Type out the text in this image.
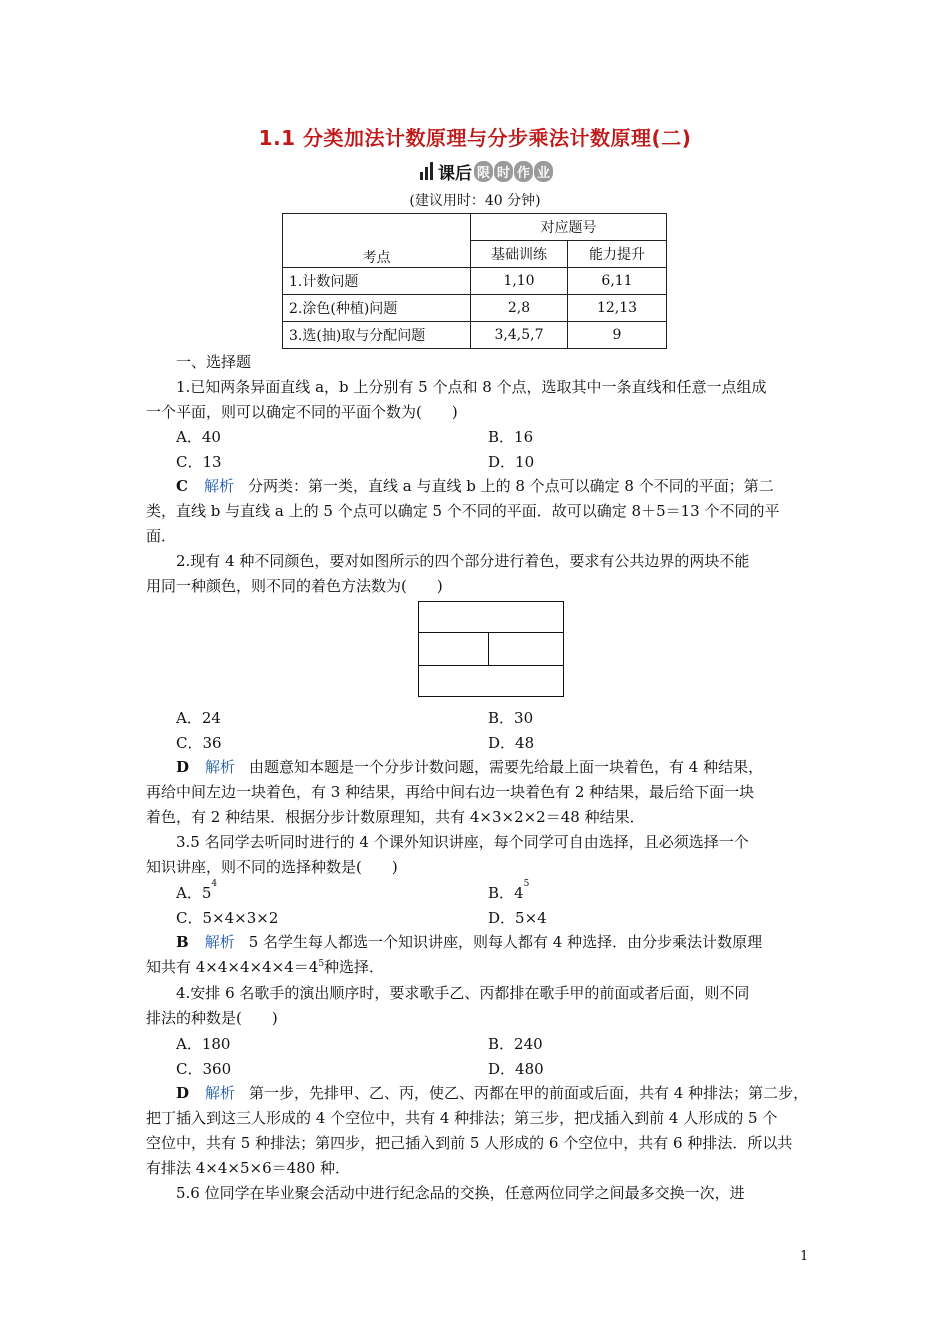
1.1 分类加法计数原理与分步乘法计数原理(二)
课后 限 时 作 业
(建议用时：40 分钟)
考点	对应题号	
	基础训练	能力提升
1.计数问题	1,10	6,11
2.涂色(种植)问题	2,8	12,13
3.选(抽)取与分配问题	3,4,5,7	9
一、选择题
1.已知两条异面直线 a，b 上分别有 5 个点和 8 个点，选取其中一条直线和任意一点组成
一个平面，则可以确定不同的平面个数为(　　)
A．40	B．16
C．13	D．10
C 解析 分两类：第一类，直线 a 与直线 b 上的 8 个点可以确定 8 个不同的平面；第二
类，直线 b 与直线 a 上的 5 个点可以确定 5 个不同的平面．故可以确定 8＋5＝13 个不同的平
面．
2.现有 4 种不同颜色，要对如图所示的四个部分进行着色，要求有公共边界的两块不能
用同一种颜色，则不同的着色方法数为(　　)
A．24	B．30
C．36	D．48
D 解析 由题意知本题是一个分步计数问题，需要先给最上面一块着色，有 4 种结果，
再给中间左边一块着色，有 3 种结果，再给中间右边一块着色有 2 种结果，最后给下面一块
着色，有 2 种结果．根据分步计数原理知，共有 4×3×2×2＝48 种结果．
3.5 名同学去听同时进行的 4 个课外知识讲座，每个同学可自由选择，且必须选择一个
知识讲座，则不同的选择种数是(　　)
A．$5^4$	B．$4^5$
C．5×4×3×2	D．5×4
B 解析 5 名学生每人都选一个知识讲座，则每人都有 4 种选择．由分步乘法计数原理
知共有 $4\times 4\times 4\times 4\times 4=4^5$种选择．
4.安排 6 名歌手的演出顺序时，要求歌手乙、丙都排在歌手甲的前面或者后面，则不同
排法的种数是(　　)
A．180	B．240
C．360	D．480
D 解析 第一步，先排甲、乙、丙，使乙、丙都在甲的前面或后面，共有 4 种排法；第二步，
把丁插入到这三人形成的 4 个空位中，共有 4 种排法；第三步，把戊插入到前 4 人形成的 5 个
空位中，共有 5 种排法；第四步，把己插入到前 5 人形成的 6 个空位中，共有 6 种排法．所以共
有排法 4×4×5×6＝480 种．
5.6 位同学在毕业聚会活动中进行纪念品的交换，任意两位同学之间最多交换一次，进
1
